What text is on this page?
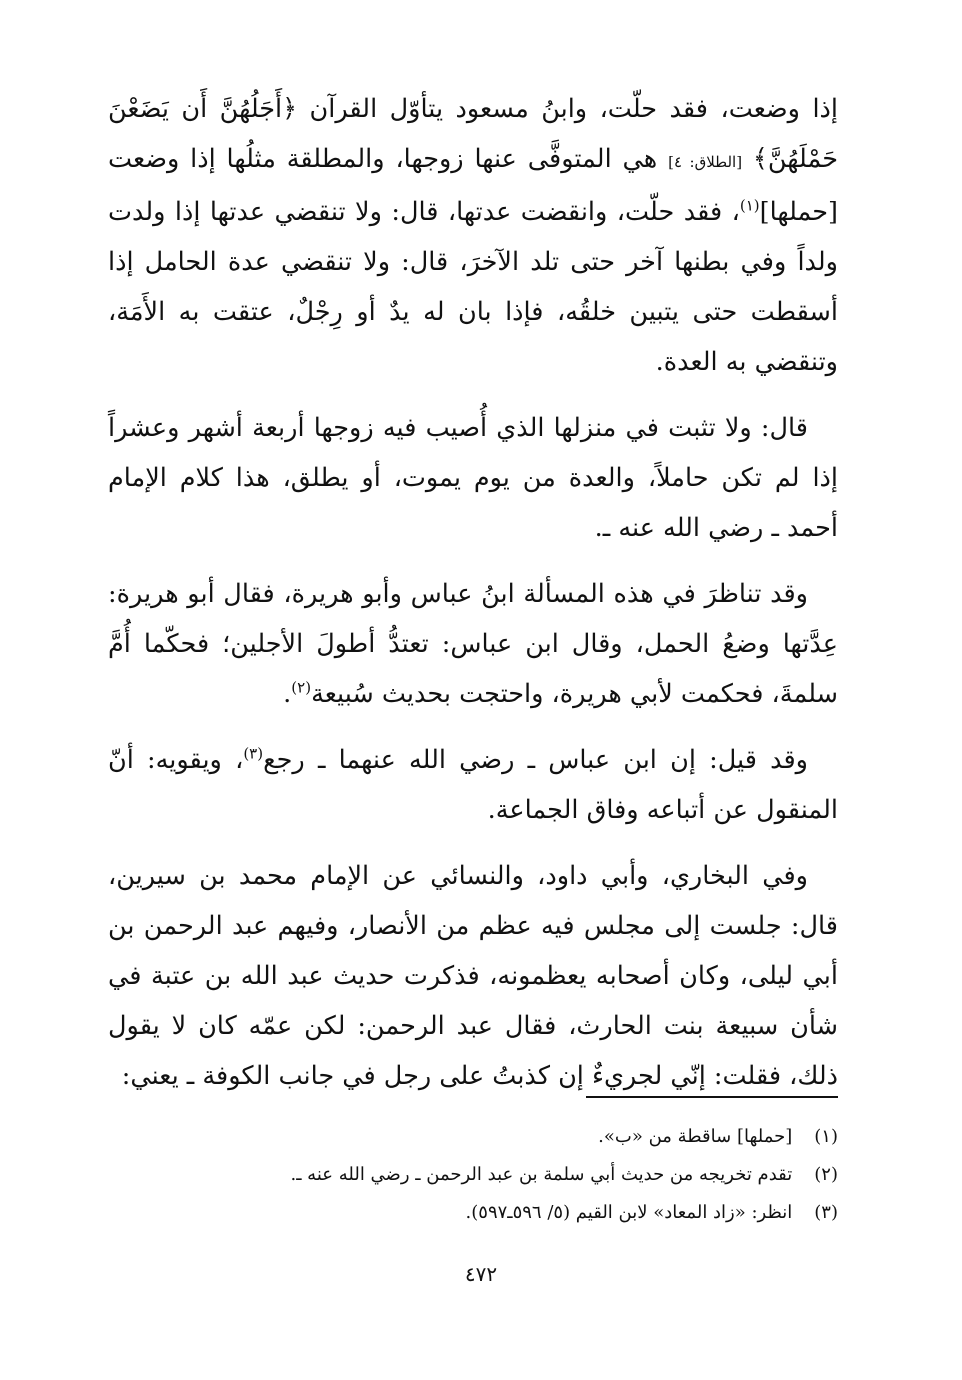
إذا وضعت، فقد حلّت، وابنُ مسعود يتأوّل القرآن ﴿أَجَلُهُنَّ أَن يَضَعْنَ حَمْلَهُنَّ﴾ [الطلاق: ٤] هي المتوفَّى عنها زوجها، والمطلقة مثلُها إذا وضعت [حملها]$^{(١)}$، فقد حلّت، وانقضت عدتها، قال: ولا تنقضي عدتها إذا ولدت ولداً وفي بطنها آخر حتى تلد الآخرَ، قال: ولا تنقضي عدة الحامل إذا أسقطت حتى يتبين خلقُه، فإذا بان له يدٌ أو رِجْلٌ، عتقت به الأَمَة، وتنقضي به العدة.

قال: ولا تثبت في منزلها الذي أُصيب فيه زوجها أربعة أشهر وعشراً إذا لم تكن حاملاً، والعدة من يوم يموت، أو يطلق، هذا كلام الإمام أحمد ـ رضي الله عنه ـ.

وقد تناظرَ في هذه المسألة ابنُ عباس وأبو هريرة، فقال أبو هريرة: عِدَّتها وضعُ الحمل، وقال ابن عباس: تعتدُّ أطولَ الأجلين؛ فحكّما أُمَّ سلمةَ، فحكمت لأبي هريرة، واحتجت بحديث سُبيعة$^{(٢)}$.

وقد قيل: إن ابن عباس ـ رضي الله عنهما ـ رجع$^{(٣)}$، ويقويه: أنّ المنقول عن أتباعه وفاق الجماعة.

وفي البخاري، وأبي داود، والنسائي عن الإمام محمد بن سيرين، قال: جلست إلى مجلس فيه عظم من الأنصار، وفيهم عبد الرحمن بن أبي ليلى، وكان أصحابه يعظمونه، فذكرت حديث عبد الله بن عتبة في شأن سبيعة بنت الحارث، فقال عبد الرحمن: لكن عمّه كان لا يقول ذلك، فقلت: إنّي لجريءٌ إن كذبتُ على رجل في جانب الكوفة ـ يعني:

(١) [حملها] ساقطة من «ب».
(٢) تقدم تخريجه من حديث أبي سلمة بن عبد الرحمن ـ رضي الله عنه ـ.
(٣) انظر: «زاد المعاد» لابن القيم (٥/ ٥٩٦ـ٥٩٧).
٤٧٢
